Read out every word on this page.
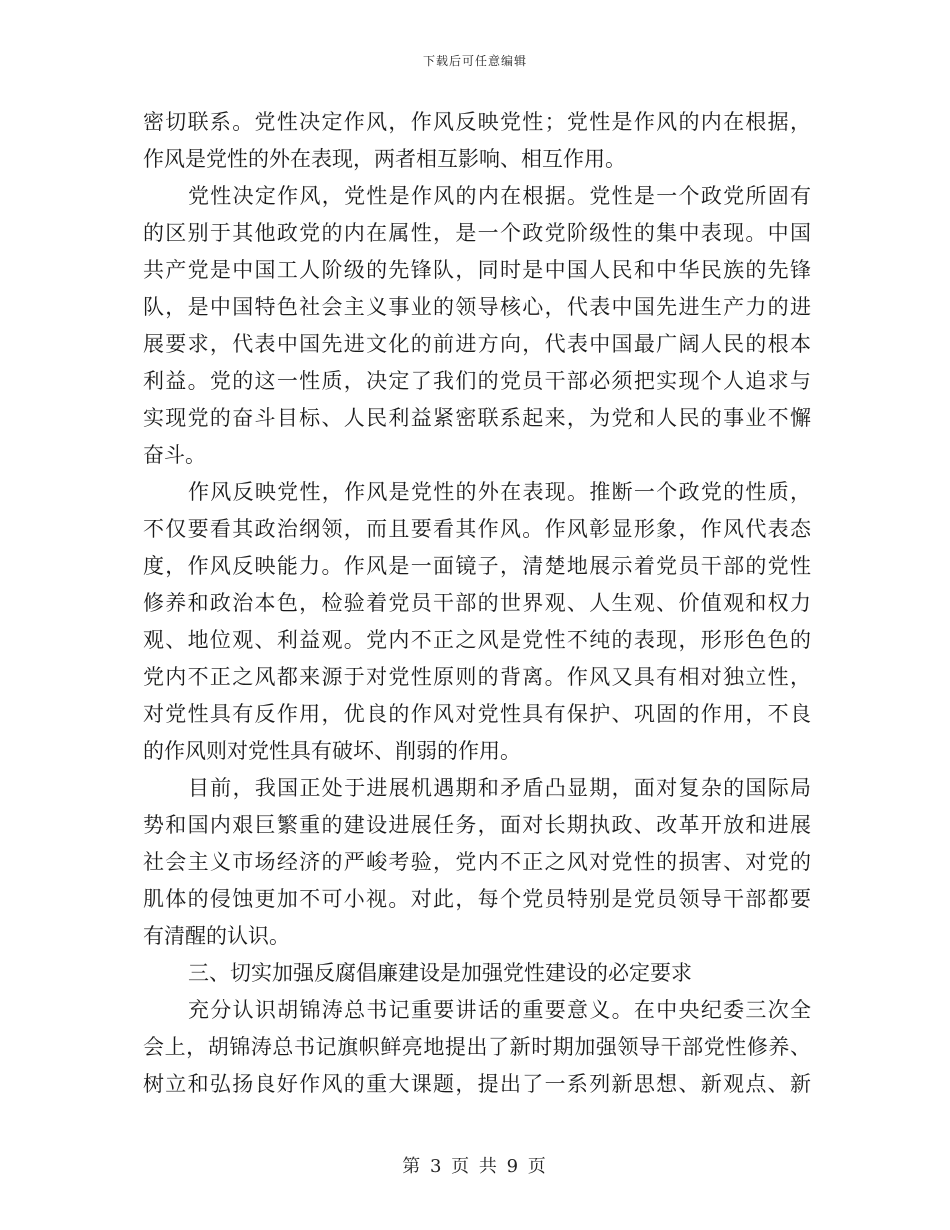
下载后可任意编辑
密切联系。党性决定作风，作风反映党性；党性是作风的内在根据，
作风是党性的外在表现，两者相互影响、相互作用。
党性决定作风，党性是作风的内在根据。党性是一个政党所固有
的区别于其他政党的内在属性，是一个政党阶级性的集中表现。中国
共产党是中国工人阶级的先锋队，同时是中国人民和中华民族的先锋
队，是中国特色社会主义事业的领导核心，代表中国先进生产力的进
展要求，代表中国先进文化的前进方向，代表中国最广阔人民的根本
利益。党的这一性质，决定了我们的党员干部必须把实现个人追求与
实现党的奋斗目标、人民利益紧密联系起来，为党和人民的事业不懈
奋斗。
作风反映党性，作风是党性的外在表现。推断一个政党的性质，
不仅要看其政治纲领，而且要看其作风。作风彰显形象，作风代表态
度，作风反映能力。作风是一面镜子，清楚地展示着党员干部的党性
修养和政治本色，检验着党员干部的世界观、人生观、价值观和权力
观、地位观、利益观。党内不正之风是党性不纯的表现，形形色色的
党内不正之风都来源于对党性原则的背离。作风又具有相对独立性，
对党性具有反作用，优良的作风对党性具有保护、巩固的作用，不良
的作风则对党性具有破坏、削弱的作用。
目前，我国正处于进展机遇期和矛盾凸显期，面对复杂的国际局
势和国内艰巨繁重的建设进展任务，面对长期执政、改革开放和进展
社会主义市场经济的严峻考验，党内不正之风对党性的损害、对党的
肌体的侵蚀更加不可小视。对此，每个党员特别是党员领导干部都要
有清醒的认识。
三、切实加强反腐倡廉建设是加强党性建设的必定要求
充分认识胡锦涛总书记重要讲话的重要意义。在中央纪委三次全
会上，胡锦涛总书记旗帜鲜亮地提出了新时期加强领导干部党性修养、
树立和弘扬良好作风的重大课题，提出了一系列新思想、新观点、新
第 3 页 共 9 页
